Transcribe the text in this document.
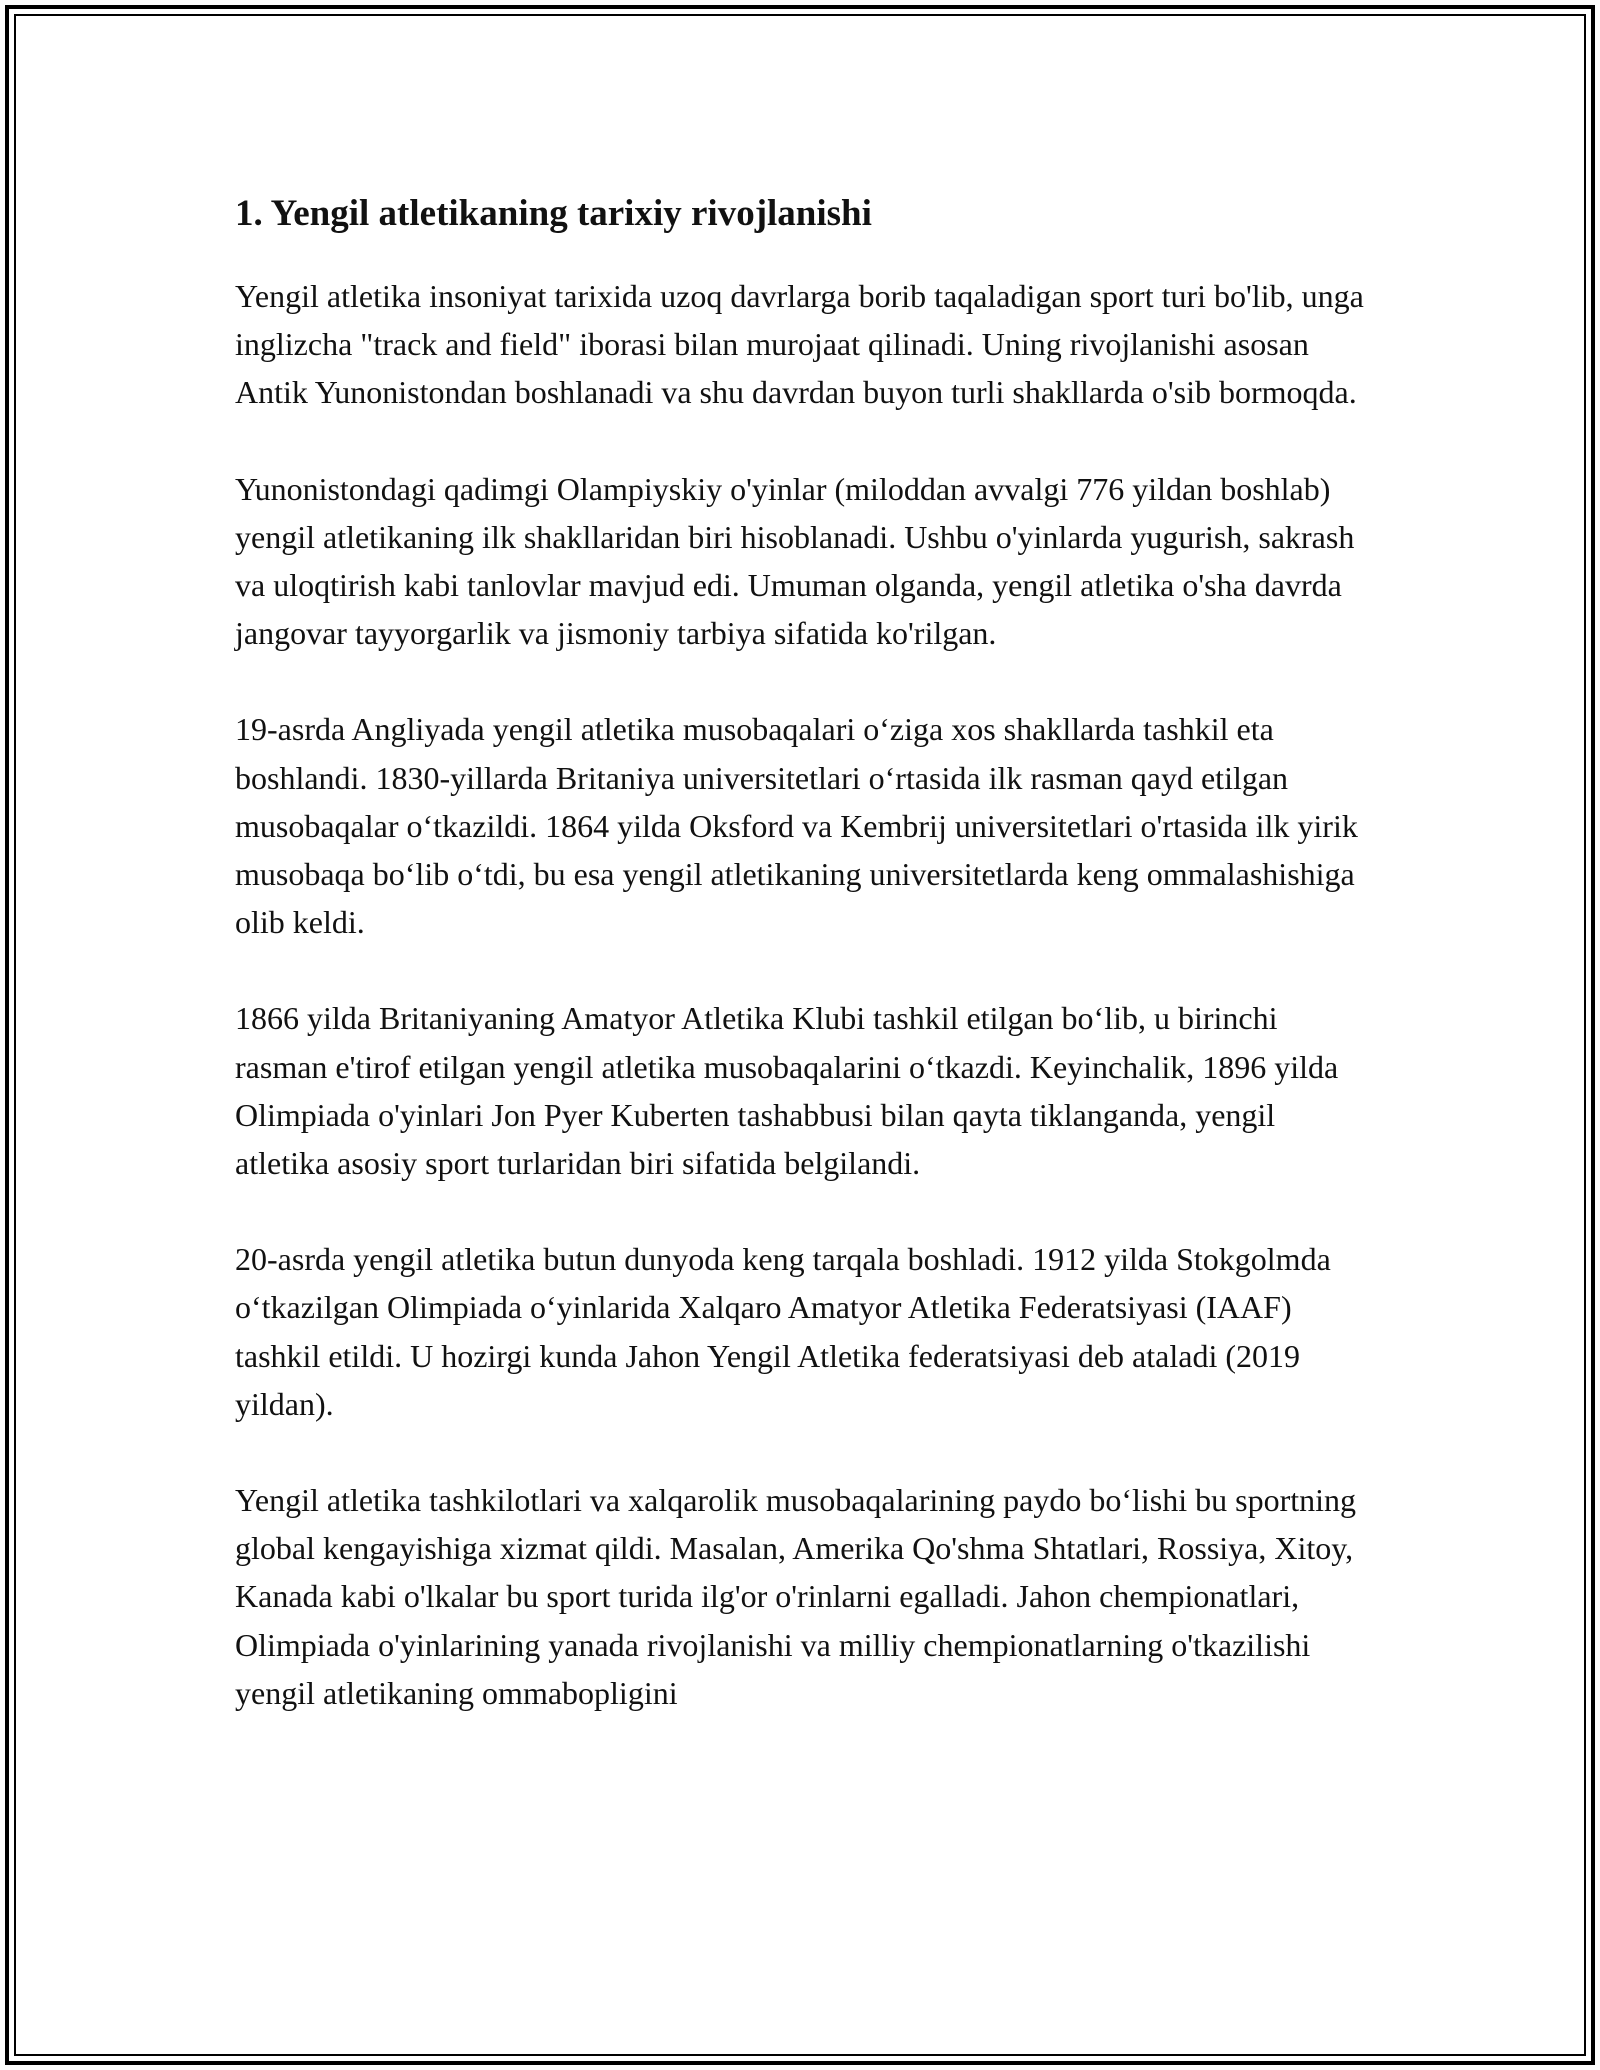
1. Yengil atletikaning tarixiy rivojlanishi

Yengil atletika insoniyat tarixida uzoq davrlarga borib taqaladigan sport turi bo'lib, unga inglizcha "track and field" iborasi bilan murojaat qilinadi. Uning rivojlanishi asosan Antik Yunonistondan boshlanadi va shu davrdan buyon turli shakllarda o'sib bormoqda.

Yunonistondagi qadimgi Olampiyskiy o'yinlar (miloddan avvalgi 776 yildan boshlab) yengil atletikaning ilk shakllaridan biri hisoblanadi. Ushbu o'yinlarda yugurish, sakrash va uloqtirish kabi tanlovlar mavjud edi. Umuman olganda, yengil atletika o'sha davrda jangovar tayyorgarlik va jismoniy tarbiya sifatida ko'rilgan.

19-asrda Angliyada yengil atletika musobaqalari o‘ziga xos shakllarda tashkil eta boshlandi. 1830-yillarda Britaniya universitetlari o‘rtasida ilk rasman qayd etilgan musobaqalar o‘tkazildi. 1864 yilda Oksford va Kembrij universitetlari o'rtasida ilk yirik musobaqa bo‘lib o‘tdi, bu esa yengil atletikaning universitetlarda keng ommalashishiga olib keldi.

1866 yilda Britaniyaning Amatyor Atletika Klubi tashkil etilgan bo‘lib, u birinchi rasman e'tirof etilgan yengil atletika musobaqalarini o‘tkazdi. Keyinchalik, 1896 yilda Olimpiada o'yinlari Jon Pyer Kuberten tashabbusi bilan qayta tiklanganda, yengil atletika asosiy sport turlaridan biri sifatida belgilandi.

20-asrda yengil atletika butun dunyoda keng tarqala boshladi. 1912 yilda Stokgolmda o‘tkazilgan Olimpiada o‘yinlarida Xalqaro Amatyor Atletika Federatsiyasi (IAAF) tashkil etildi. U hozirgi kunda Jahon Yengil Atletika federatsiyasi deb ataladi (2019 yildan).

Yengil atletika tashkilotlari va xalqarolik musobaqalarining paydo bo‘lishi bu sportning global kengayishiga xizmat qildi. Masalan, Amerika Qo'shma Shtatlari, Rossiya, Xitoy, Kanada kabi o'lkalar bu sport turida ilg'or o'rinlarni egalladi. Jahon chempionatlari, Olimpiada o'yinlarining yanada rivojlanishi va milliy chempionatlarning o'tkazilishi yengil atletikaning ommabopligini
